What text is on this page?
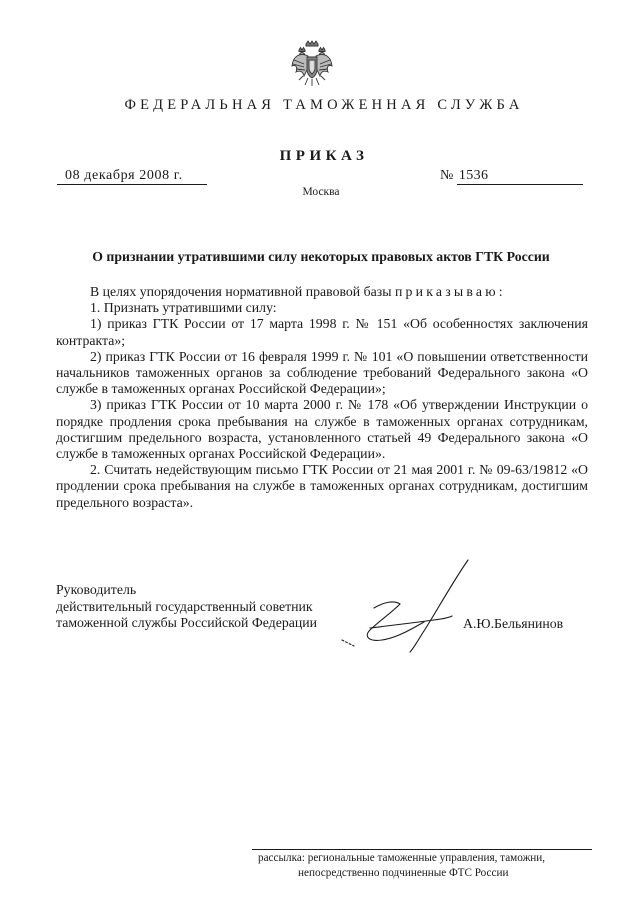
ФЕДЕРАЛЬНАЯ ТАМОЖЕННАЯ СЛУЖБА
ПРИКАЗ
08 декабря 2008 г.	№ 1536
Москва
О признании утратившими силу некоторых правовых актов ГТК России

В целях упорядочения нормативной правовой базы приказываю:

1. Признать утратившими силу:

1) приказ ГТК России от 17 марта 1998 г. № 151 «Об особенностях заключения контракта»;

2) приказ ГТК России от 16 февраля 1999 г. № 101 «О повышении ответственности начальников таможенных органов за соблюдение требований Федерального закона «О службе в таможенных органах Российской Федерации»;

3) приказ ГТК России от 10 марта 2000 г. № 178 «Об утверждении Инструкции о порядке продления срока пребывания на службе в таможенных органах сотрудникам, достигшим предельного возраста, установленного статьей 49 Федерального закона «О службе в таможенных органах Российской Федерации».

2. Считать недействующим письмо ГТК России от 21 мая 2001 г. № 09-63/19812 «О продлении срока пребывания на службе в таможенных органах сотрудникам, достигшим предельного возраста».

Руководитель
действительный государственный советник
таможенной службы Российской Федерации	А.Ю.Бельянинов
рассылка: региональные таможенные управления, таможни,
непосредственно подчиненные ФТС России
